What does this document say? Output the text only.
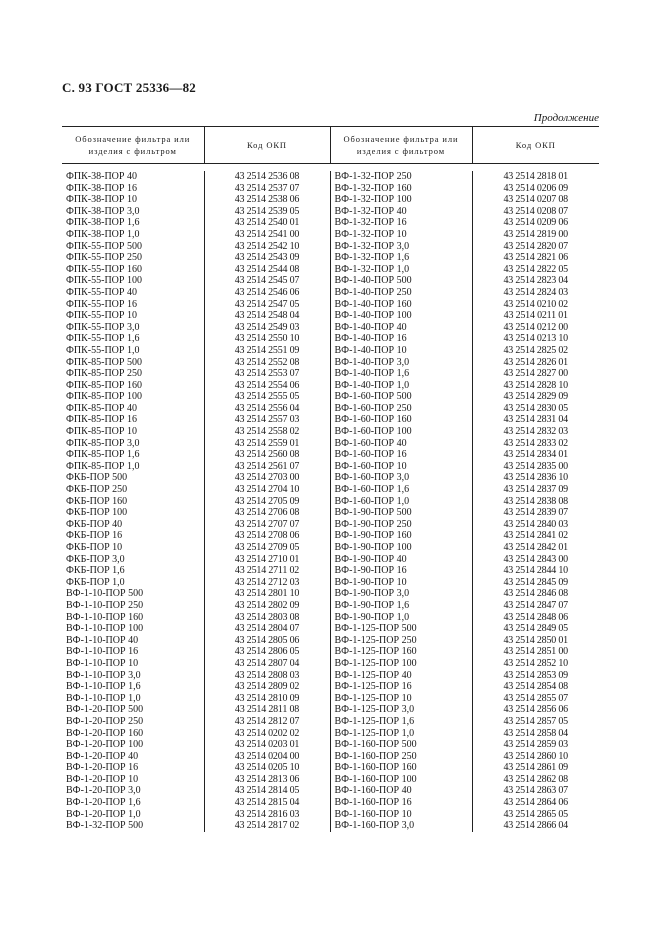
С. 93 ГОСТ 25336—82
Продолжение
Обозначение фильтра или изделия с фильтром	Код ОКП	Обозначение фильтра или изделия с фильтром	Код ОКП

ФПК-38-ПОР 40	43 2514 2536 08	ВФ-1-32-ПОР 250	43 2514 2818 01
ФПК-38-ПОР 16	43 2514 2537 07	ВФ-1-32-ПОР 160	43 2514 0206 09
ФПК-38-ПОР 10	43 2514 2538 06	ВФ-1-32-ПОР 100	43 2514 0207 08
ФПК-38-ПОР 3,0	43 2514 2539 05	ВФ-1-32-ПОР 40	43 2514 0208 07
ФПК-38-ПОР 1,6	43 2514 2540 01	ВФ-1-32-ПОР 16	43 2514 0209 06
ФПК-38-ПОР 1,0	43 2514 2541 00	ВФ-1-32-ПОР 10	43 2514 2819 00
ФПК-55-ПОР 500	43 2514 2542 10	ВФ-1-32-ПОР 3,0	43 2514 2820 07
ФПК-55-ПОР 250	43 2514 2543 09	ВФ-1-32-ПОР 1,6	43 2514 2821 06
ФПК-55-ПОР 160	43 2514 2544 08	ВФ-1-32-ПОР 1,0	43 2514 2822 05
ФПК-55-ПОР 100	43 2514 2545 07	ВФ-1-40-ПОР 500	43 2514 2823 04
ФПК-55-ПОР 40	43 2514 2546 06	ВФ-1-40-ПОР 250	43 2514 2824 03
ФПК-55-ПОР 16	43 2514 2547 05	ВФ-1-40-ПОР 160	43 2514 0210 02
ФПК-55-ПОР 10	43 2514 2548 04	ВФ-1-40-ПОР 100	43 2514 0211 01
ФПК-55-ПОР 3,0	43 2514 2549 03	ВФ-1-40-ПОР 40	43 2514 0212 00
ФПК-55-ПОР 1,6	43 2514 2550 10	ВФ-1-40-ПОР 16	43 2514 0213 10
ФПК-55-ПОР 1,0	43 2514 2551 09	ВФ-1-40-ПОР 10	43 2514 2825 02
ФПК-85-ПОР 500	43 2514 2552 08	ВФ-1-40-ПОР 3,0	43 2514 2826 01
ФПК-85-ПОР 250	43 2514 2553 07	ВФ-1-40-ПОР 1,6	43 2514 2827 00
ФПК-85-ПОР 160	43 2514 2554 06	ВФ-1-40-ПОР 1,0	43 2514 2828 10
ФПК-85-ПОР 100	43 2514 2555 05	ВФ-1-60-ПОР 500	43 2514 2829 09
ФПК-85-ПОР 40	43 2514 2556 04	ВФ-1-60-ПОР 250	43 2514 2830 05
ФПК-85-ПОР 16	43 2514 2557 03	ВФ-1-60-ПОР 160	43 2514 2831 04
ФПК-85-ПОР 10	43 2514 2558 02	ВФ-1-60-ПОР 100	43 2514 2832 03
ФПК-85-ПОР 3,0	43 2514 2559 01	ВФ-1-60-ПОР 40	43 2514 2833 02
ФПК-85-ПОР 1,6	43 2514 2560 08	ВФ-1-60-ПОР 16	43 2514 2834 01
ФПК-85-ПОР 1,0	43 2514 2561 07	ВФ-1-60-ПОР 10	43 2514 2835 00
ФКБ-ПОР 500	43 2514 2703 00	ВФ-1-60-ПОР 3,0	43 2514 2836 10
ФКБ-ПОР 250	43 2514 2704 10	ВФ-1-60-ПОР 1,6	43 2514 2837 09
ФКБ-ПОР 160	43 2514 2705 09	ВФ-1-60-ПОР 1,0	43 2514 2838 08
ФКБ-ПОР 100	43 2514 2706 08	ВФ-1-90-ПОР 500	43 2514 2839 07
ФКБ-ПОР 40	43 2514 2707 07	ВФ-1-90-ПОР 250	43 2514 2840 03
ФКБ-ПОР 16	43 2514 2708 06	ВФ-1-90-ПОР 160	43 2514 2841 02
ФКБ-ПОР 10	43 2514 2709 05	ВФ-1-90-ПОР 100	43 2514 2842 01
ФКБ-ПОР 3,0	43 2514 2710 01	ВФ-1-90-ПОР 40	43 2514 2843 00
ФКБ-ПОР 1,6	43 2514 2711 02	ВФ-1-90-ПОР 16	43 2514 2844 10
ФКБ-ПОР 1,0	43 2514 2712 03	ВФ-1-90-ПОР 10	43 2514 2845 09
ВФ-1-10-ПОР 500	43 2514 2801 10	ВФ-1-90-ПОР 3,0	43 2514 2846 08
ВФ-1-10-ПОР 250	43 2514 2802 09	ВФ-1-90-ПОР 1,6	43 2514 2847 07
ВФ-1-10-ПОР 160	43 2514 2803 08	ВФ-1-90-ПОР 1,0	43 2514 2848 06
ВФ-1-10-ПОР 100	43 2514 2804 07	ВФ-1-125-ПОР 500	43 2514 2849 05
ВФ-1-10-ПОР 40	43 2514 2805 06	ВФ-1-125-ПОР 250	43 2514 2850 01
ВФ-1-10-ПОР 16	43 2514 2806 05	ВФ-1-125-ПОР 160	43 2514 2851 00
ВФ-1-10-ПОР 10	43 2514 2807 04	ВФ-1-125-ПОР 100	43 2514 2852 10
ВФ-1-10-ПОР 3,0	43 2514 2808 03	ВФ-1-125-ПОР 40	43 2514 2853 09
ВФ-1-10-ПОР 1,6	43 2514 2809 02	ВФ-1-125-ПОР 16	43 2514 2854 08
ВФ-1-10-ПОР 1,0	43 2514 2810 09	ВФ-1-125-ПОР 10	43 2514 2855 07
ВФ-1-20-ПОР 500	43 2514 2811 08	ВФ-1-125-ПОР 3,0	43 2514 2856 06
ВФ-1-20-ПОР 250	43 2514 2812 07	ВФ-1-125-ПОР 1,6	43 2514 2857 05
ВФ-1-20-ПОР 160	43 2514 0202 02	ВФ-1-125-ПОР 1,0	43 2514 2858 04
ВФ-1-20-ПОР 100	43 2514 0203 01	ВФ-1-160-ПОР 500	43 2514 2859 03
ВФ-1-20-ПОР 40	43 2514 0204 00	ВФ-1-160-ПОР 250	43 2514 2860 10
ВФ-1-20-ПОР 16	43 2514 0205 10	ВФ-1-160-ПОР 160	43 2514 2861 09
ВФ-1-20-ПОР 10	43 2514 2813 06	ВФ-1-160-ПОР 100	43 2514 2862 08
ВФ-1-20-ПОР 3,0	43 2514 2814 05	ВФ-1-160-ПОР 40	43 2514 2863 07
ВФ-1-20-ПОР 1,6	43 2514 2815 04	ВФ-1-160-ПОР 16	43 2514 2864 06
ВФ-1-20-ПОР 1,0	43 2514 2816 03	ВФ-1-160-ПОР 10	43 2514 2865 05
ВФ-1-32-ПОР 500	43 2514 2817 02	ВФ-1-160-ПОР 3,0	43 2514 2866 04
